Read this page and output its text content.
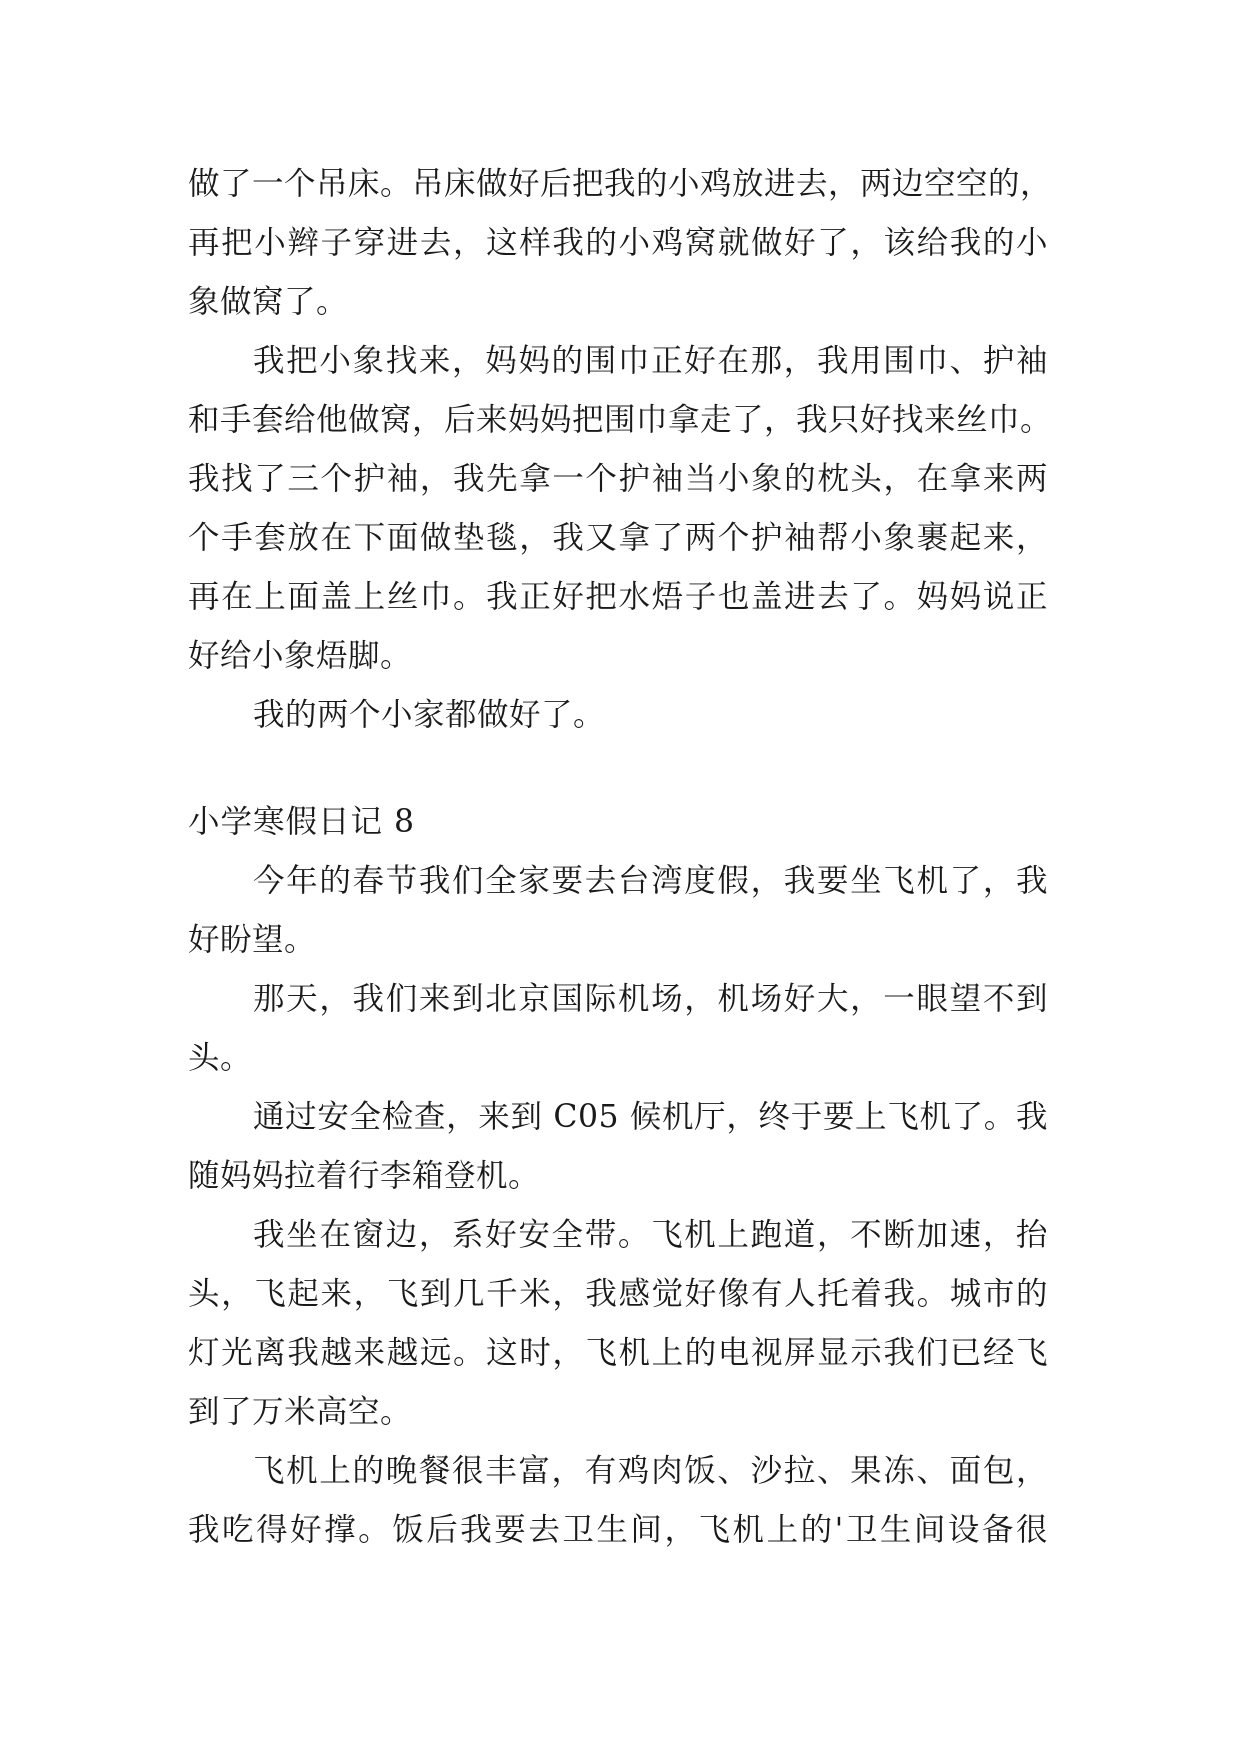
做了一个吊床。吊床做好后把我的小鸡放进去，两边空空的，
再把小辫子穿进去，这样我的小鸡窝就做好了，该给我的小
象做窝了。
我把小象找来，妈妈的围巾正好在那，我用围巾、护袖
和手套给他做窝，后来妈妈把围巾拿走了，我只好找来丝巾。
我找了三个护袖，我先拿一个护袖当小象的枕头，在拿来两
个手套放在下面做垫毯，我又拿了两个护袖帮小象裹起来，
再在上面盖上丝巾。我正好把水焐子也盖进去了。妈妈说正
好给小象焐脚。
我的两个小家都做好了。
小学寒假日记 8
今年的春节我们全家要去台湾度假，我要坐飞机了，我
好盼望。
那天，我们来到北京国际机场，机场好大，一眼望不到
头。
通过安全检查，来到 C05 候机厅，终于要上飞机了。我
随妈妈拉着行李箱登机。
我坐在窗边，系好安全带。飞机上跑道，不断加速，抬
头，飞起来，飞到几千米，我感觉好像有人托着我。城市的
灯光离我越来越远。这时，飞机上的电视屏显示我们已经飞
到了万米高空。
飞机上的晚餐很丰富，有鸡肉饭、沙拉、果冻、面包，
我吃得好撑。饭后我要去卫生间，飞机上的'卫生间设备很
